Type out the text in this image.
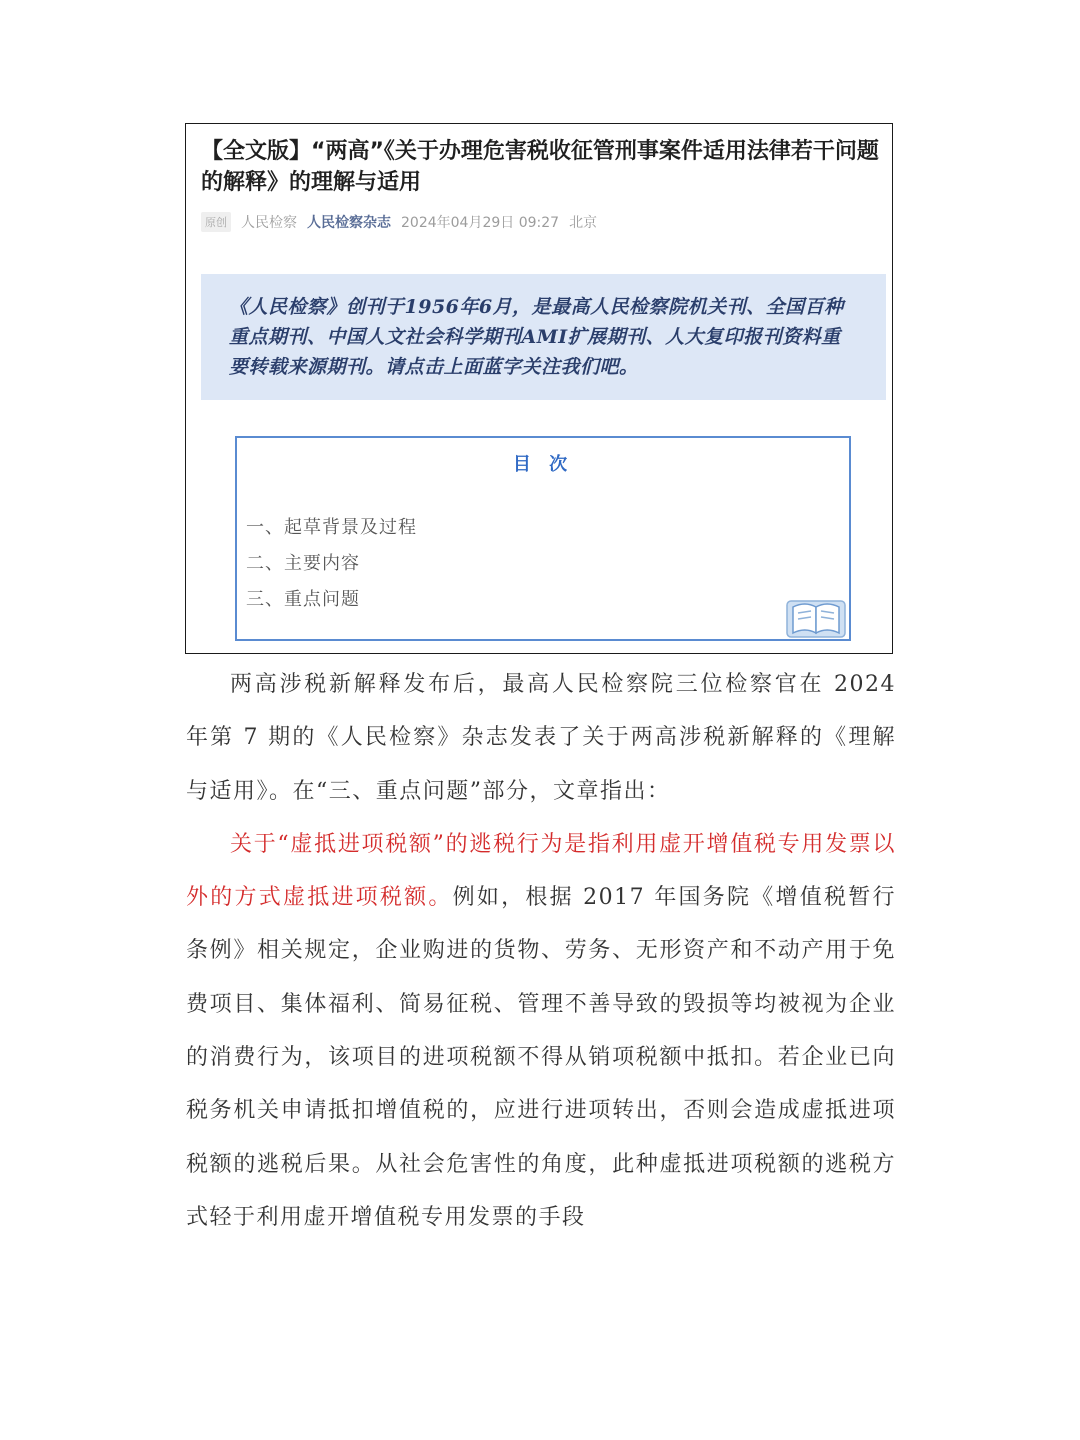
【全文版】“两高”《关于办理危害税收征管刑事案件适用法律若干问题的解释》的理解与适用
原创 人民检察 人民检察杂志 2024年04月29日 09:27 北京
《人民检察》创刊于1956年6月，是最高人民检察院机关刊、全国百种重点期刊、中国人文社会科学期刊AMI扩展期刊、人大复印报刊资料重要转载来源期刊。请点击上面蓝字关注我们吧。
目 次
一、起草背景及过程
二、主要内容
三、重点问题

两高涉税新解释发布后，最高人民检察院三位检察官在 2024 年第 7 期的《人民检察》杂志发表了关于两高涉税新解释的《理解与适用》。在“三、重点问题”部分，文章指出：

关于“虚抵进项税额”的逃税行为是指利用虚开增值税专用发票以外的方式虚抵进项税额。例如，根据 2017 年国务院《增值税暂行条例》相关规定，企业购进的货物、劳务、无形资产和不动产用于免费项目、集体福利、简易征税、管理不善导致的毁损等均被视为企业的消费行为，该项目的进项税额不得从销项税额中抵扣。若企业已向税务机关申请抵扣增值税的，应进行进项转出，否则会造成虚抵进项税额的逃税后果。从社会危害性的角度，此种虚抵进项税额的逃税方式轻于利用虚开增值税专用发票的手段
